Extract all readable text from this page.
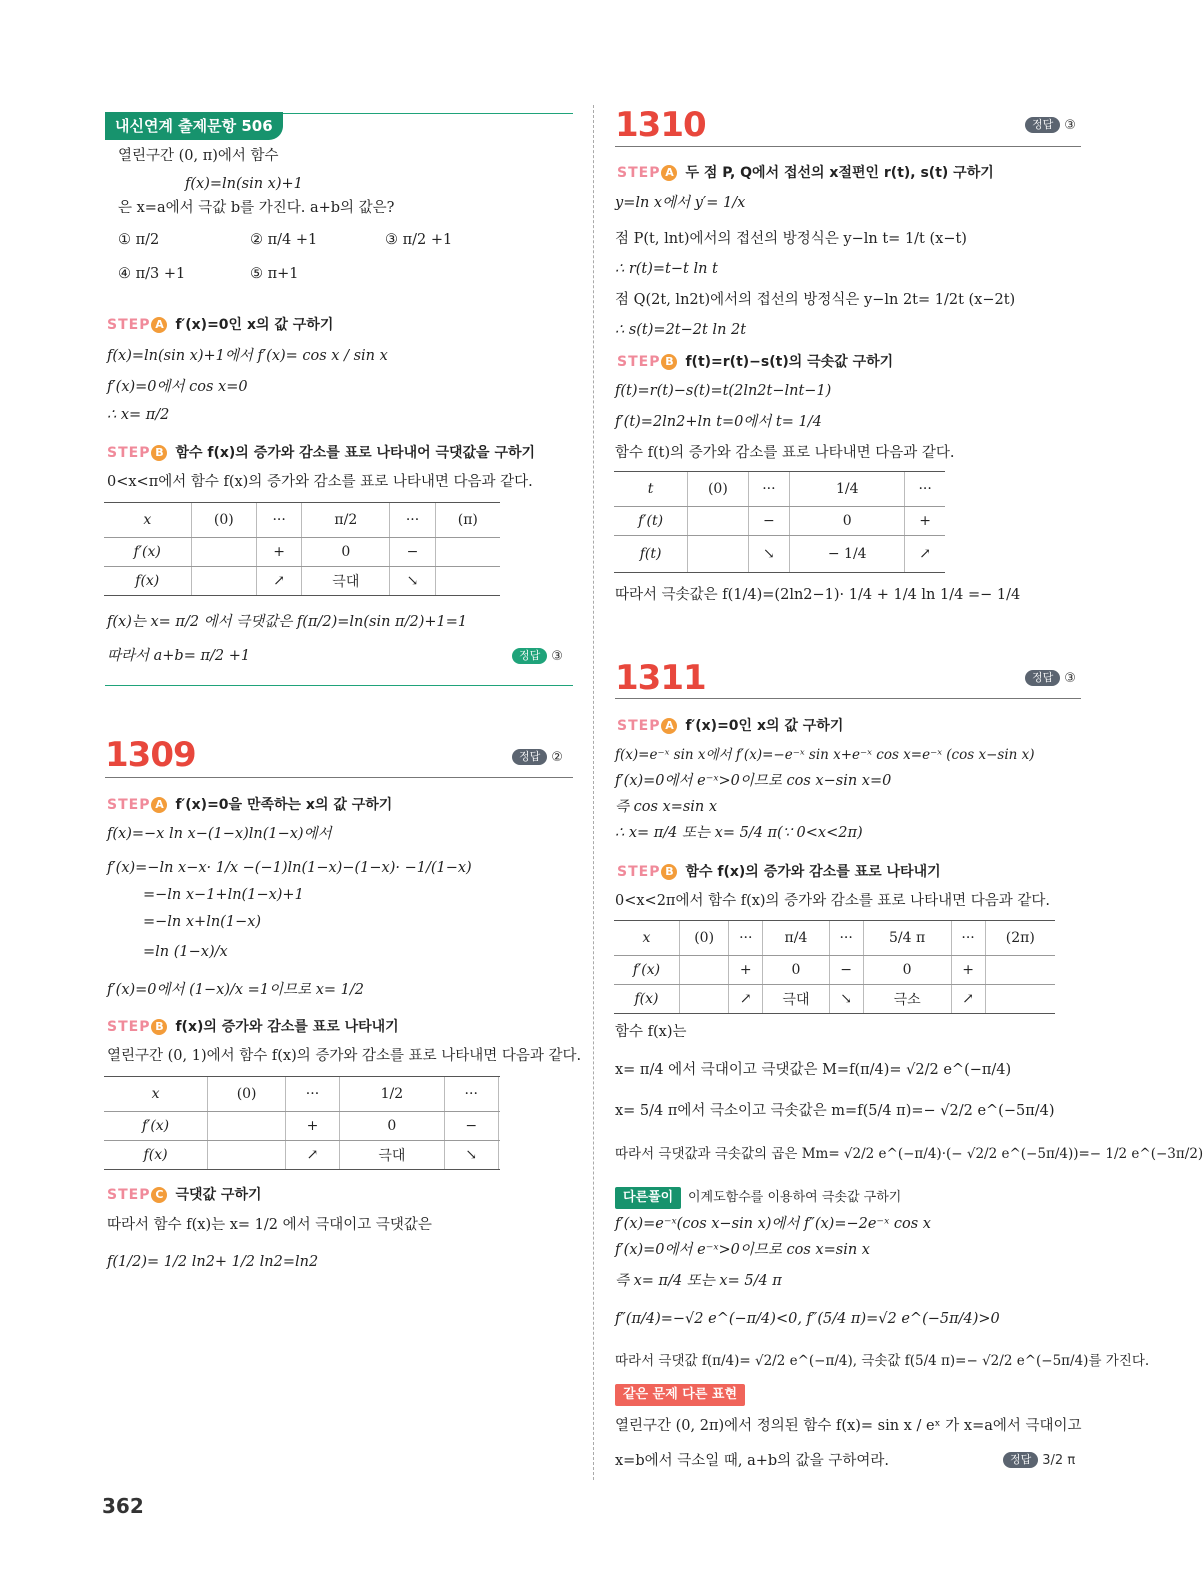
내신연계 출제문항 506
열린구간 (0, π)에서 함수
f(x)=ln(sin x)+1
은 x=a에서 극값 b를 가진다. a+b의 값은?
① π/2	② π/4 +1	③ π/2 +1
④ π/3 +1	⑤ π+1
STEP A f′(x)=0인 x의 값 구하기
f(x)=ln(sin x)+1에서 f′(x)= cos x / sin x
f′(x)=0에서 cos x=0
∴ x= π/2
STEP B 함수 f(x)의 증가와 감소를 표로 나타내어 극댓값을 구하기
0<x<π에서 함수 f(x)의 증가와 감소를 표로 나타내면 다음과 같다.
x	(0)	···	π/2	···	(π)
f′(x)		+	0	−	
f(x)		↗	극대	↘	
f(x)는 x= π/2 에서 극댓값은 f(π/2)=ln(sin π/2)+1=1
따라서 a+b= π/2 +1	정답 ③
1309	정답 ②
STEP A f′(x)=0을 만족하는 x의 값 구하기
f(x)=−x ln x−(1−x)ln(1−x)에서
f′(x)=−ln x−x· 1/x −(−1)ln(1−x)−(1−x)· −1/(1−x)
=−ln x−1+ln(1−x)+1
=−ln x+ln(1−x)
=ln (1−x)/x
f′(x)=0에서 (1−x)/x =1이므로 x= 1/2
STEP B f(x)의 증가와 감소를 표로 나타내기
열린구간 (0, 1)에서 함수 f(x)의 증가와 감소를 표로 나타내면 다음과 같다.
x	(0)	···	1/2	···	
f′(x)		+	0	−	
f(x)		↗	극대	↘	
STEP C 극댓값 구하기
따라서 함수 f(x)는 x= 1/2 에서 극대이고 극댓값은
f(1/2)= 1/2 ln2+ 1/2 ln2=ln2
362
1310	정답 ③
STEP A 두 점 P, Q에서 접선의 x절편인 r(t), s(t) 구하기
y=ln x에서 y′= 1/x
점 P(t, lnt)에서의 접선의 방정식은 y−ln t= 1/t (x−t)
∴ r(t)=t−t ln t
점 Q(2t, ln2t)에서의 접선의 방정식은 y−ln 2t= 1/2t (x−2t)
∴ s(t)=2t−2t ln 2t
STEP B f(t)=r(t)−s(t)의 극솟값 구하기
f(t)=r(t)−s(t)=t(2ln2t−lnt−1)
f′(t)=2ln2+ln t=0에서 t= 1/4
함수 f(t)의 증가와 감소를 표로 나타내면 다음과 같다.
t	(0)	···	1/4	···
f′(t)		−	0	+
f(t)		↘	− 1/4	↗
따라서 극솟값은 f(1/4)=(2ln2−1)· 1/4 + 1/4 ln 1/4 =− 1/4
1311	정답 ③
STEP A f′(x)=0인 x의 값 구하기
f(x)=e⁻ˣ sin x에서 f′(x)=−e⁻ˣ sin x+e⁻ˣ cos x=e⁻ˣ (cos x−sin x)
f′(x)=0에서 e⁻ˣ>0이므로 cos x−sin x=0
즉 cos x=sin x
∴ x= π/4 또는 x= 5/4 π(∵ 0<x<2π)
STEP B 함수 f(x)의 증가와 감소를 표로 나타내기
0<x<2π에서 함수 f(x)의 증가와 감소를 표로 나타내면 다음과 같다.
x	(0)	···	π/4	···	5/4 π	···	(2π)
f′(x)		+	0	−	0	+	
f(x)		↗	극대	↘	극소	↗	
함수 f(x)는
x= π/4 에서 극대이고 극댓값은 M=f(π/4)= √2/2 e^(−π/4)
x= 5/4 π에서 극소이고 극솟값은 m=f(5/4 π)=− √2/2 e^(−5π/4)
따라서 극댓값과 극솟값의 곱은 Mm= √2/2 e^(−π/4)·(− √2/2 e^(−5π/4))=− 1/2 e^(−3π/2)
다른풀이	이계도함수를 이용하여 극솟값 구하기
f′(x)=e⁻ˣ(cos x−sin x)에서 f″(x)=−2e⁻ˣ cos x
f′(x)=0에서 e⁻ˣ>0이므로 cos x=sin x
즉 x= π/4 또는 x= 5/4 π
f″(π/4)=−√2 e^(−π/4)<0, f″(5/4 π)=√2 e^(−5π/4)>0
따라서 극댓값 f(π/4)= √2/2 e^(−π/4), 극솟값 f(5/4 π)=− √2/2 e^(−5π/4)를 가진다.
같은 문제 다른 표현
열린구간 (0, 2π)에서 정의된 함수 f(x)= sin x / eˣ 가 x=a에서 극대이고
x=b에서 극소일 때, a+b의 값을 구하여라.	정답 3/2 π
